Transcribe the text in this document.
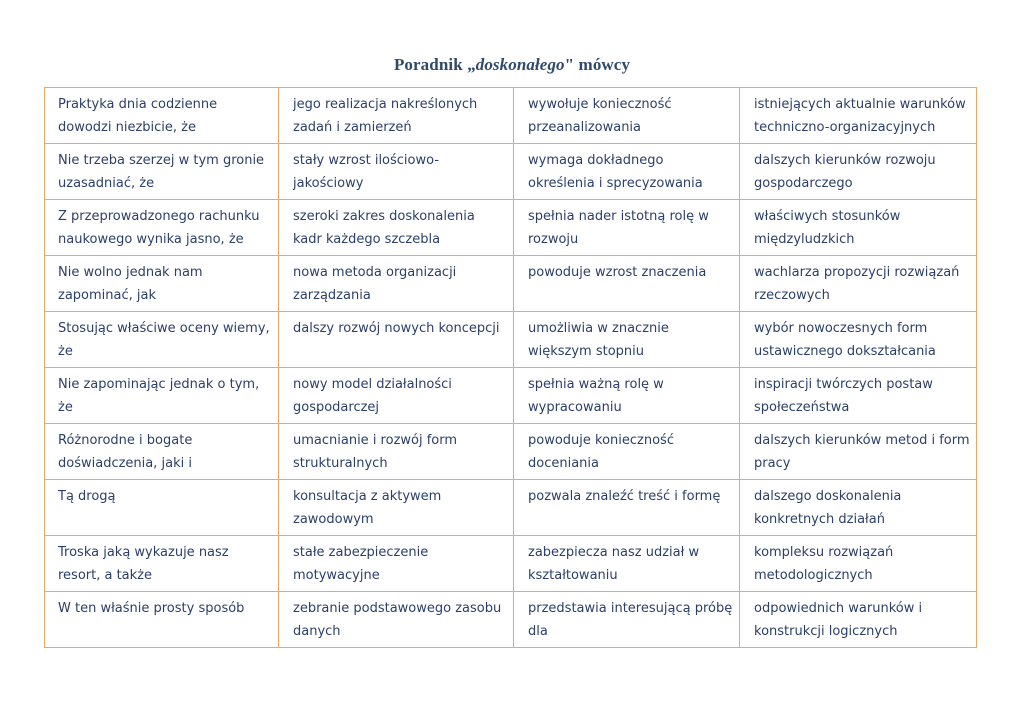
Poradnik „doskonałego" mówcy
Praktyka dnia codzienne dowodzi niezbicie, że	jego realizacja nakreślonych zadań i zamierzeń	wywołuje konieczność przeanalizowania	istniejących aktualnie warunków techniczno-organizacyjnych
Nie trzeba szerzej w tym gronie uzasadniać, że	stały wzrost ilościowo-jakościowy	wymaga dokładnego określenia i sprecyzowania	dalszych kierunków rozwoju gospodarczego
Z przeprowadzonego rachunku naukowego wynika jasno, że	szeroki zakres doskonalenia kadr każdego szczebla	spełnia nader istotną rolę w rozwoju	właściwych stosunków międzyludzkich
Nie wolno jednak nam zapominać, jak	nowa metoda organizacji zarządzania	powoduje wzrost znaczenia	wachlarza propozycji rozwiązań rzeczowych
Stosując właściwe oceny wiemy, że	dalszy rozwój nowych koncepcji	umożliwia w znacznie większym stopniu	wybór nowoczesnych form ustawicznego dokształcania
Nie zapominając jednak o tym, że	nowy model działalności gospodarczej	spełnia ważną rolę w wypracowaniu	inspiracji twórczych postaw społeczeństwa
Różnorodne i bogate doświadczenia, jaki i	umacnianie i rozwój form strukturalnych	powoduje konieczność doceniania	dalszych kierunków metod i form pracy
Tą drogą	konsultacja z aktywem zawodowym	pozwala znaleźć treść i formę	dalszego doskonalenia konkretnych działań
Troska jaką wykazuje nasz resort, a także	stałe zabezpieczenie motywacyjne	zabezpiecza nasz udział w kształtowaniu	kompleksu rozwiązań metodologicznych
W ten właśnie prosty sposób	zebranie podstawowego zasobu danych	przedstawia interesującą próbę dla	odpowiednich warunków i konstrukcji logicznych
